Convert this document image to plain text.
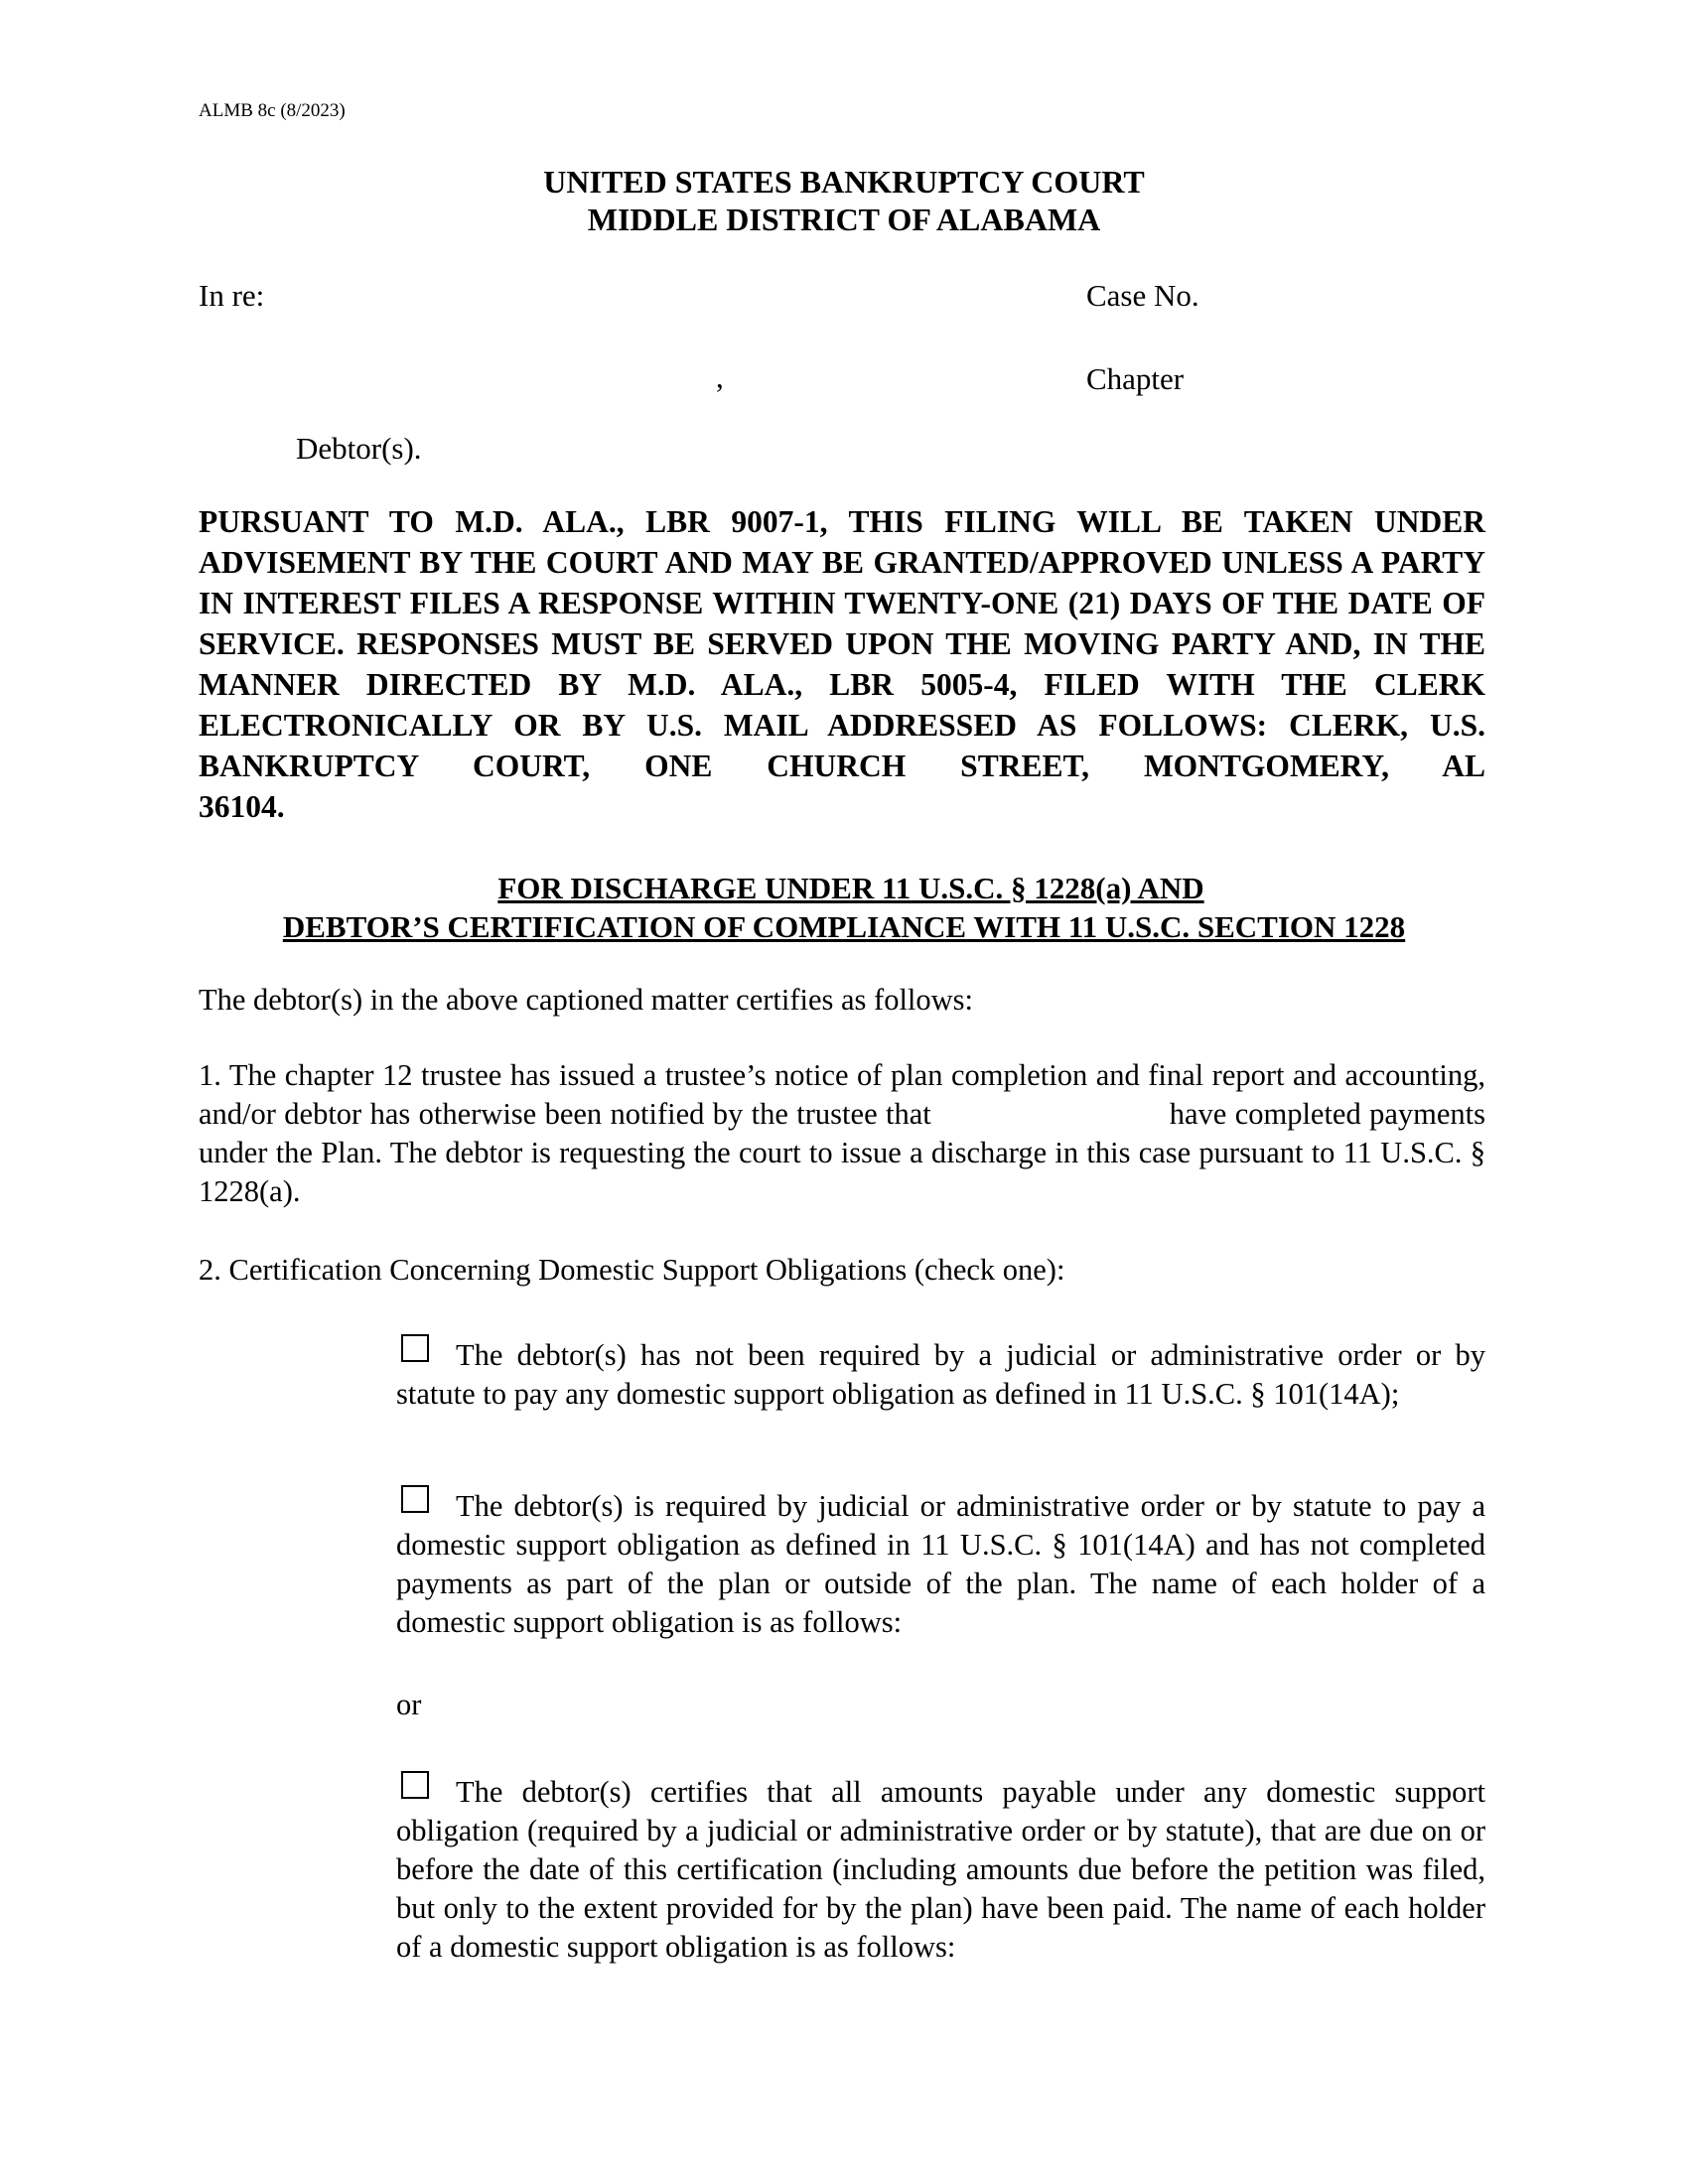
ALMB 8c (8/2023)
UNITED STATES BANKRUPTCY COURT
MIDDLE DISTRICT OF ALABAMA
In re:	Case No.
,	Chapter
Debtor(s).
PURSUANT TO M.D. ALA., LBR 9007-1, THIS FILING WILL BE TAKEN UNDER ADVISEMENT BY THE COURT AND MAY BE GRANTED/APPROVED UNLESS A PARTY IN INTEREST FILES A RESPONSE WITHIN TWENTY-ONE (21) DAYS OF THE DATE OF SERVICE. RESPONSES MUST BE SERVED UPON THE MOVING PARTY AND, IN THE MANNER DIRECTED BY M.D. ALA., LBR 5005-4, FILED WITH THE CLERK ELECTRONICALLY OR BY U.S. MAIL ADDRESSED AS FOLLOWS: CLERK, U.S. BANKRUPTCY COURT, ONE CHURCH STREET, MONTGOMERY, AL
36104.
FOR DISCHARGE UNDER 11 U.S.C. § 1228(a) AND
DEBTOR’S CERTIFICATION OF COMPLIANCE WITH 11 U.S.C. SECTION 1228
The debtor(s) in the above captioned matter certifies as follows:
1. The chapter 12 trustee has issued a trustee’s notice of plan completion and final report and accounting, and/or debtor has otherwise been notified by the trustee that	have completed payments under the Plan. The debtor is requesting the court to issue a discharge in this case pursuant to 11 U.S.C. § 1228(a).
2. Certification Concerning Domestic Support Obligations (check one):
The debtor(s) has not been required by a judicial or administrative order or by statute to pay any domestic support obligation as defined in 11 U.S.C. § 101(14A);
The debtor(s) is required by judicial or administrative order or by statute to pay a domestic support obligation as defined in 11 U.S.C. § 101(14A) and has not completed payments as part of the plan or outside of the plan. The name of each holder of a domestic support obligation is as follows:
or
The debtor(s) certifies that all amounts payable under any domestic support obligation (required by a judicial or administrative order or by statute), that are due on or before the date of this certification (including amounts due before the petition was filed, but only to the extent provided for by the plan) have been paid. The name of each holder of a domestic support obligation is as follows:
